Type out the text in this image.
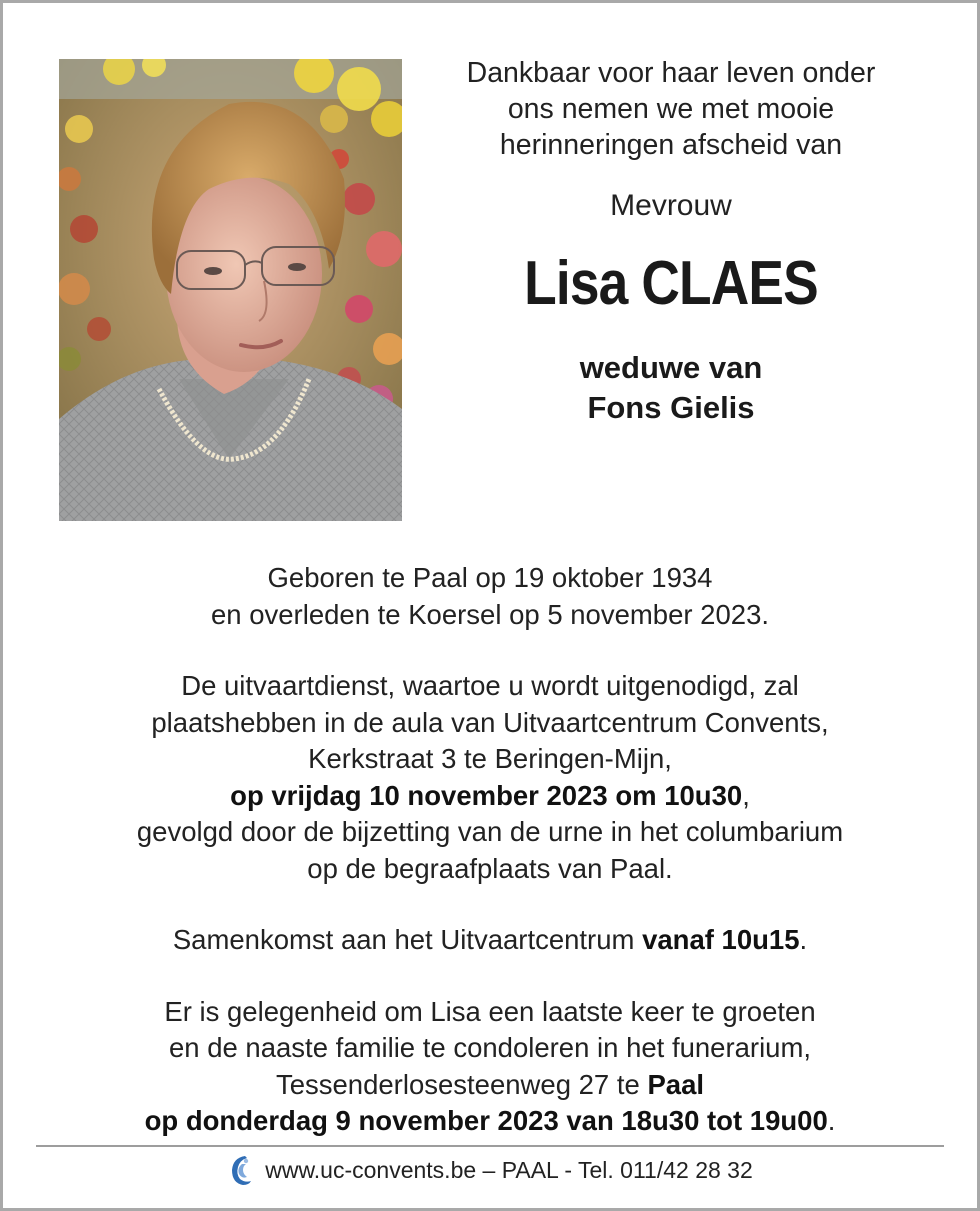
Dankbaar voor haar leven onder
ons nemen we met mooie
herinneringen afscheid van
Mevrouw
Lisa CLAES
weduwe van
Fons Gielis

Geboren te Paal op 19 oktober 1934

en overleden te Koersel op 5 november 2023.

De uitvaartdienst, waartoe u wordt uitgenodigd, zal

plaatshebben in de aula van Uitvaartcentrum Convents,

Kerkstraat 3 te Beringen-Mijn,

op vrijdag 10 november 2023 om 10u30,

gevolgd door de bijzetting van de urne in het columbarium

op de begraafplaats van Paal.

Samenkomst aan het Uitvaartcentrum vanaf 10u15.

Er is gelegenheid om Lisa een laatste keer te groeten

en de naaste familie te condoleren in het funerarium,

Tessenderlosesteenweg 27 te Paal

op donderdag 9 november 2023 van 18u30 tot 19u00.

www.uc-convents.be – PAAL - Tel. 011/42 28 32
